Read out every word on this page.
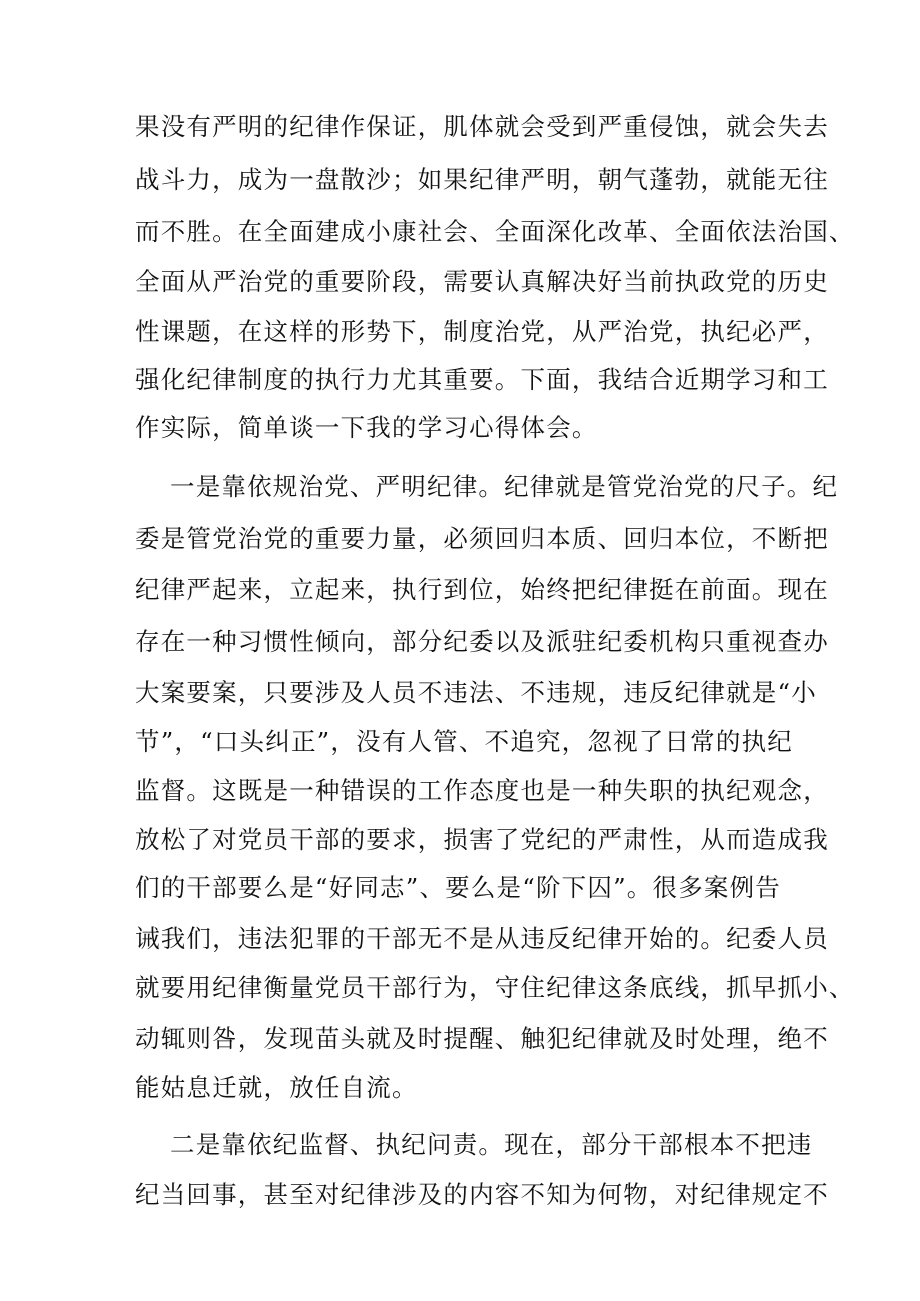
果没有严明的纪律作保证，肌体就会受到严重侵蚀，就会失去
战斗力，成为一盘散沙；如果纪律严明，朝气蓬勃，就能无往
而不胜。在全面建成小康社会、全面深化改革、全面依法治国、
全面从严治党的重要阶段，需要认真解决好当前执政党的历史
性课题，在这样的形势下，制度治党，从严治党，执纪必严，
强化纪律制度的执行力尤其重要。下面，我结合近期学习和工
作实际，简单谈一下我的学习心得体会。
一是靠依规治党、严明纪律。纪律就是管党治党的尺子。纪
委是管党治党的重要力量，必须回归本质、回归本位，不断把
纪律严起来，立起来，执行到位，始终把纪律挺在前面。现在
存在一种习惯性倾向，部分纪委以及派驻纪委机构只重视查办
大案要案，只要涉及人员不违法、不违规，违反纪律就是“小
节”，“口头纠正”，没有人管、不追究，忽视了日常的执纪
监督。这既是一种错误的工作态度也是一种失职的执纪观念，
放松了对党员干部的要求，损害了党纪的严肃性，从而造成我
们的干部要么是“好同志”、要么是“阶下囚”。很多案例告
诫我们，违法犯罪的干部无不是从违反纪律开始的。纪委人员
就要用纪律衡量党员干部行为，守住纪律这条底线，抓早抓小、
动辄则咎，发现苗头就及时提醒、触犯纪律就及时处理，绝不
能姑息迁就，放任自流。
二是靠依纪监督、执纪问责。现在，部分干部根本不把违
纪当回事，甚至对纪律涉及的内容不知为何物，对纪律规定不
